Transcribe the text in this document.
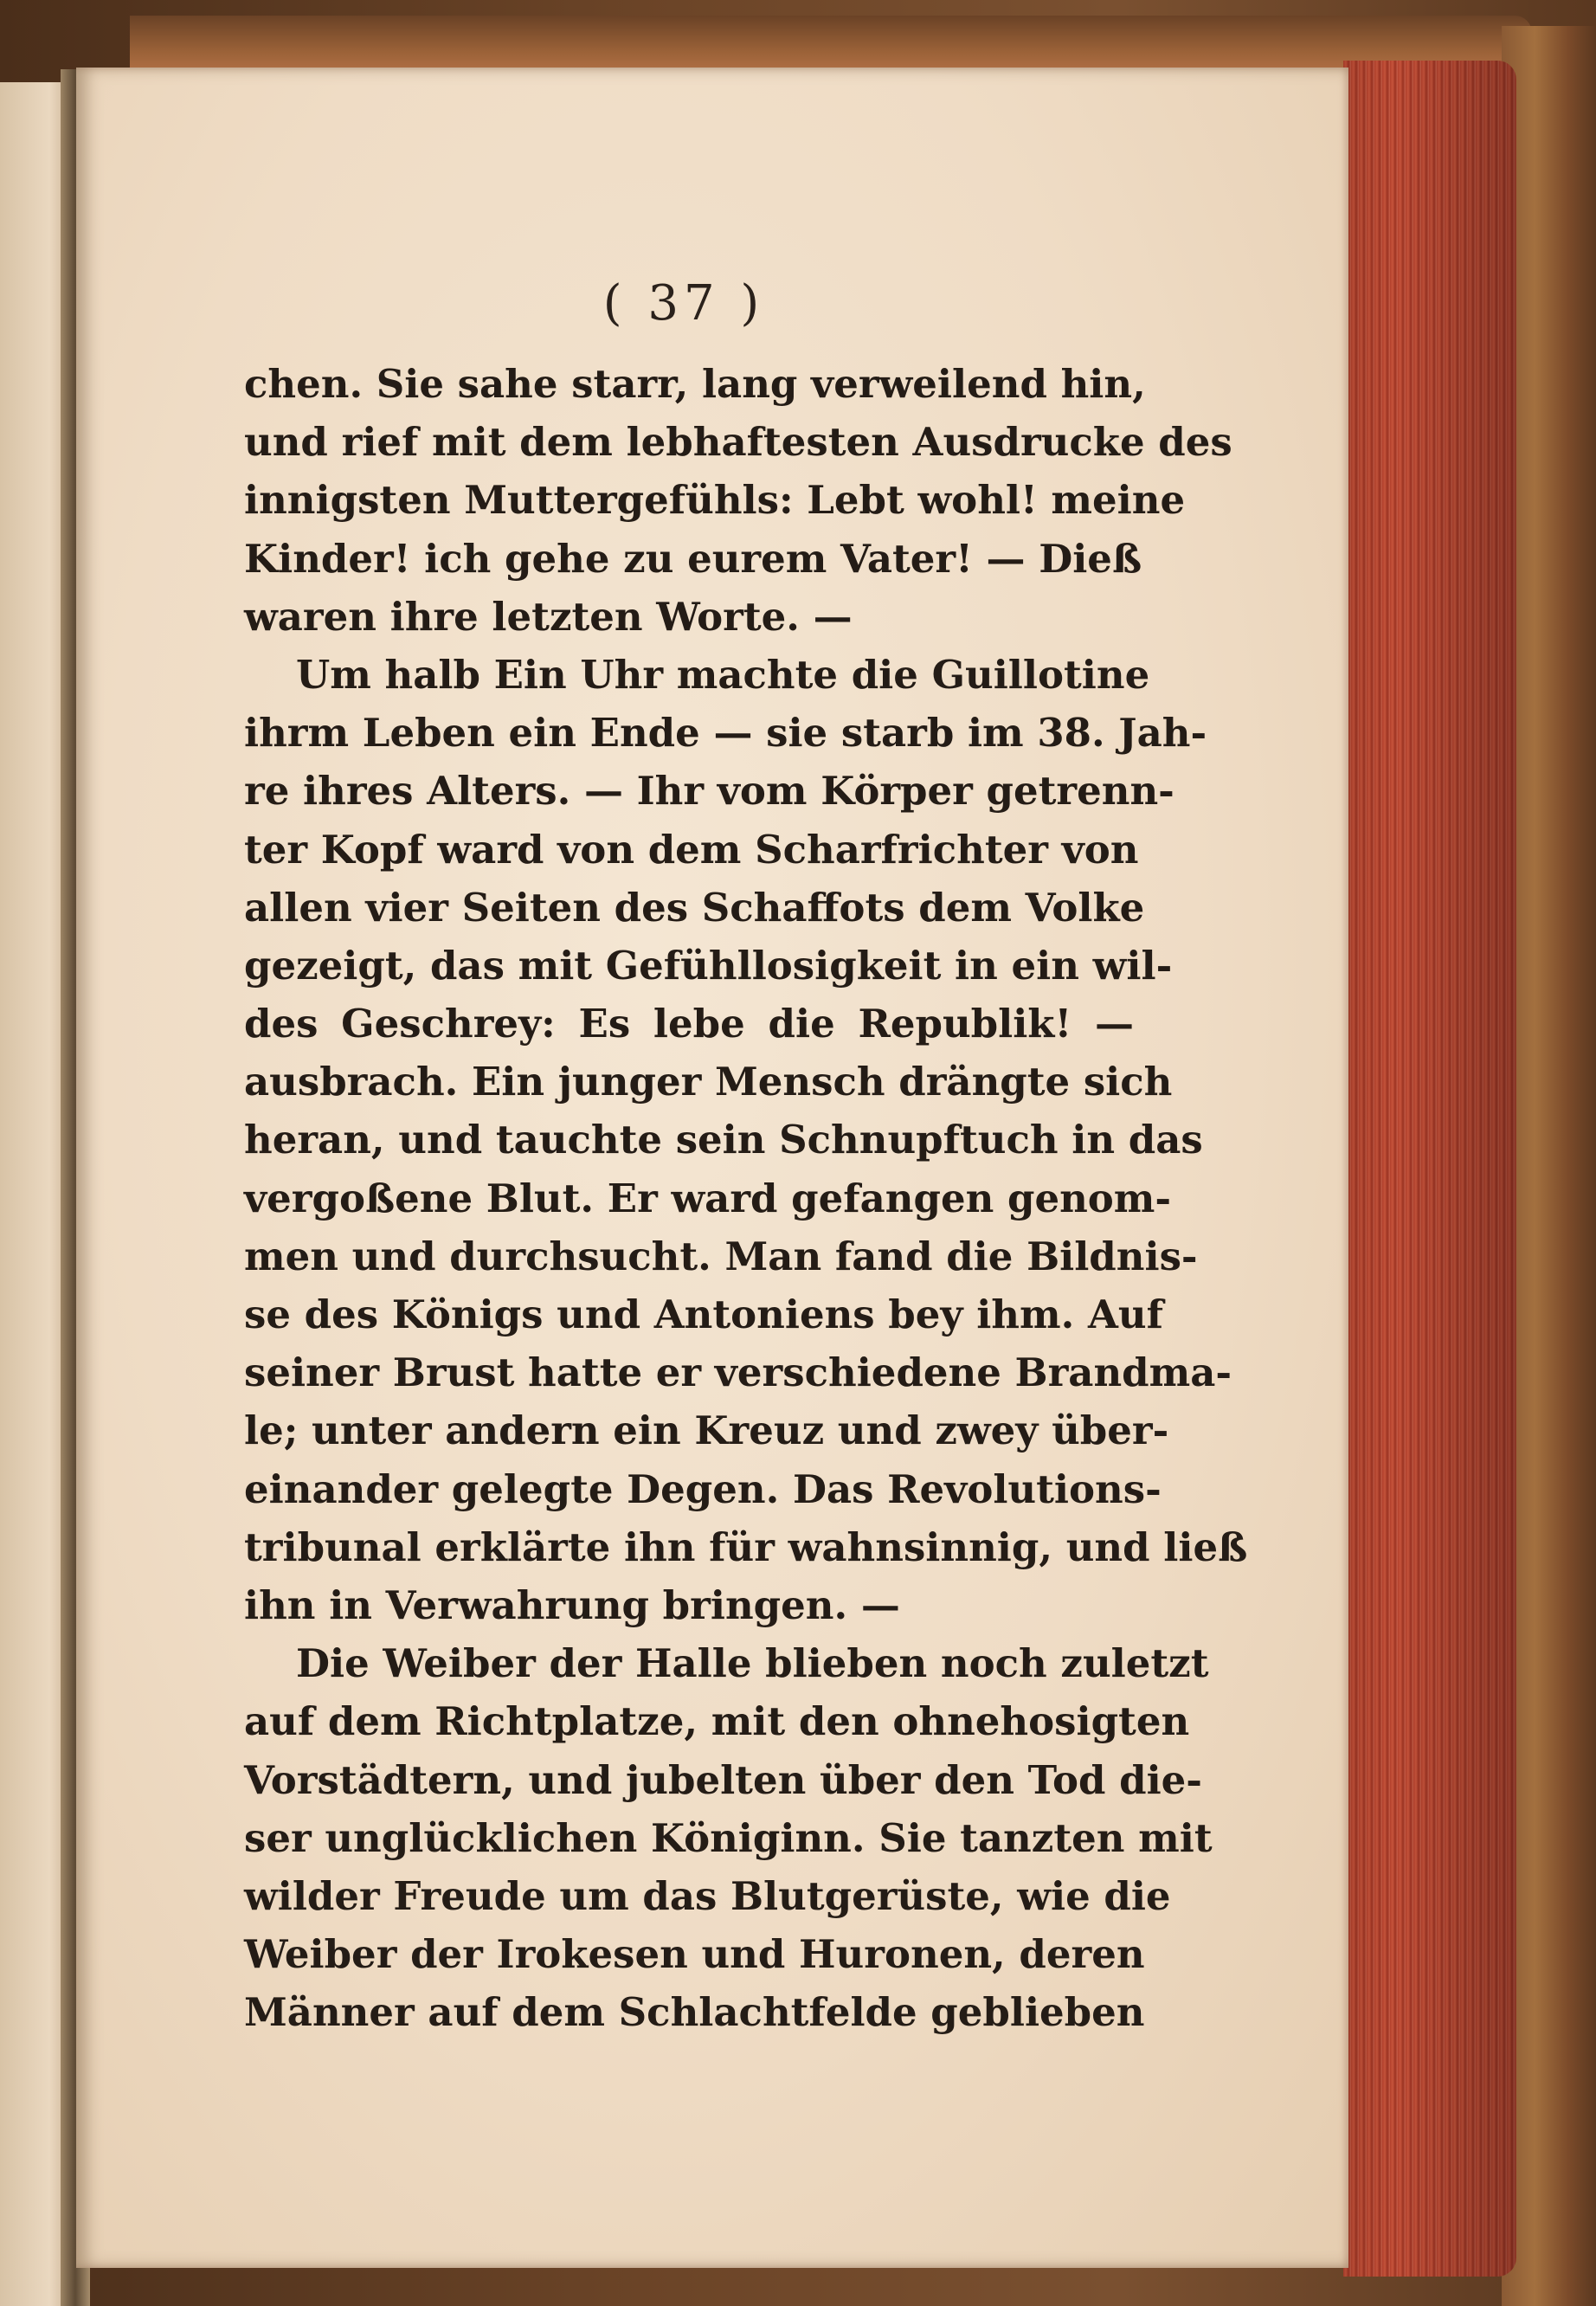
( 37 )
chen. Sie sahe starr, lang verweilend hin,
und rief mit dem lebhaftesten Ausdrucke des
innigsten Muttergefühls: Lebt wohl! meine
Kinder! ich gehe zu eurem Vater! — Dieß
waren ihre letzten Worte. —
Um halb Ein Uhr machte die Guillotine
ihrm Leben ein Ende — sie starb im 38. Jah-
re ihres Alters. — Ihr vom Körper getrenn-
ter Kopf ward von dem Scharfrichter von
allen vier Seiten des Schaffots dem Volke
gezeigt, das mit Gefühllosigkeit in ein wil-
des Geschrey: Es lebe die Republik! —
ausbrach. Ein junger Mensch drängte sich
heran, und tauchte sein Schnupftuch in das
vergoßene Blut. Er ward gefangen genom-
men und durchsucht. Man fand die Bildnis-
se des Königs und Antoniens bey ihm. Auf
seiner Brust hatte er verschiedene Brandma-
le; unter andern ein Kreuz und zwey über-
einander gelegte Degen. Das Revolutions-
tribunal erklärte ihn für wahnsinnig, und ließ
ihn in Verwahrung bringen. —
Die Weiber der Halle blieben noch zuletzt
auf dem Richtplatze, mit den ohnehosigten
Vorstädtern, und jubelten über den Tod die-
ser unglücklichen Königinn. Sie tanzten mit
wilder Freude um das Blutgerüste, wie die
Weiber der Irokesen und Huronen, deren
Männer auf dem Schlachtfelde geblieben
